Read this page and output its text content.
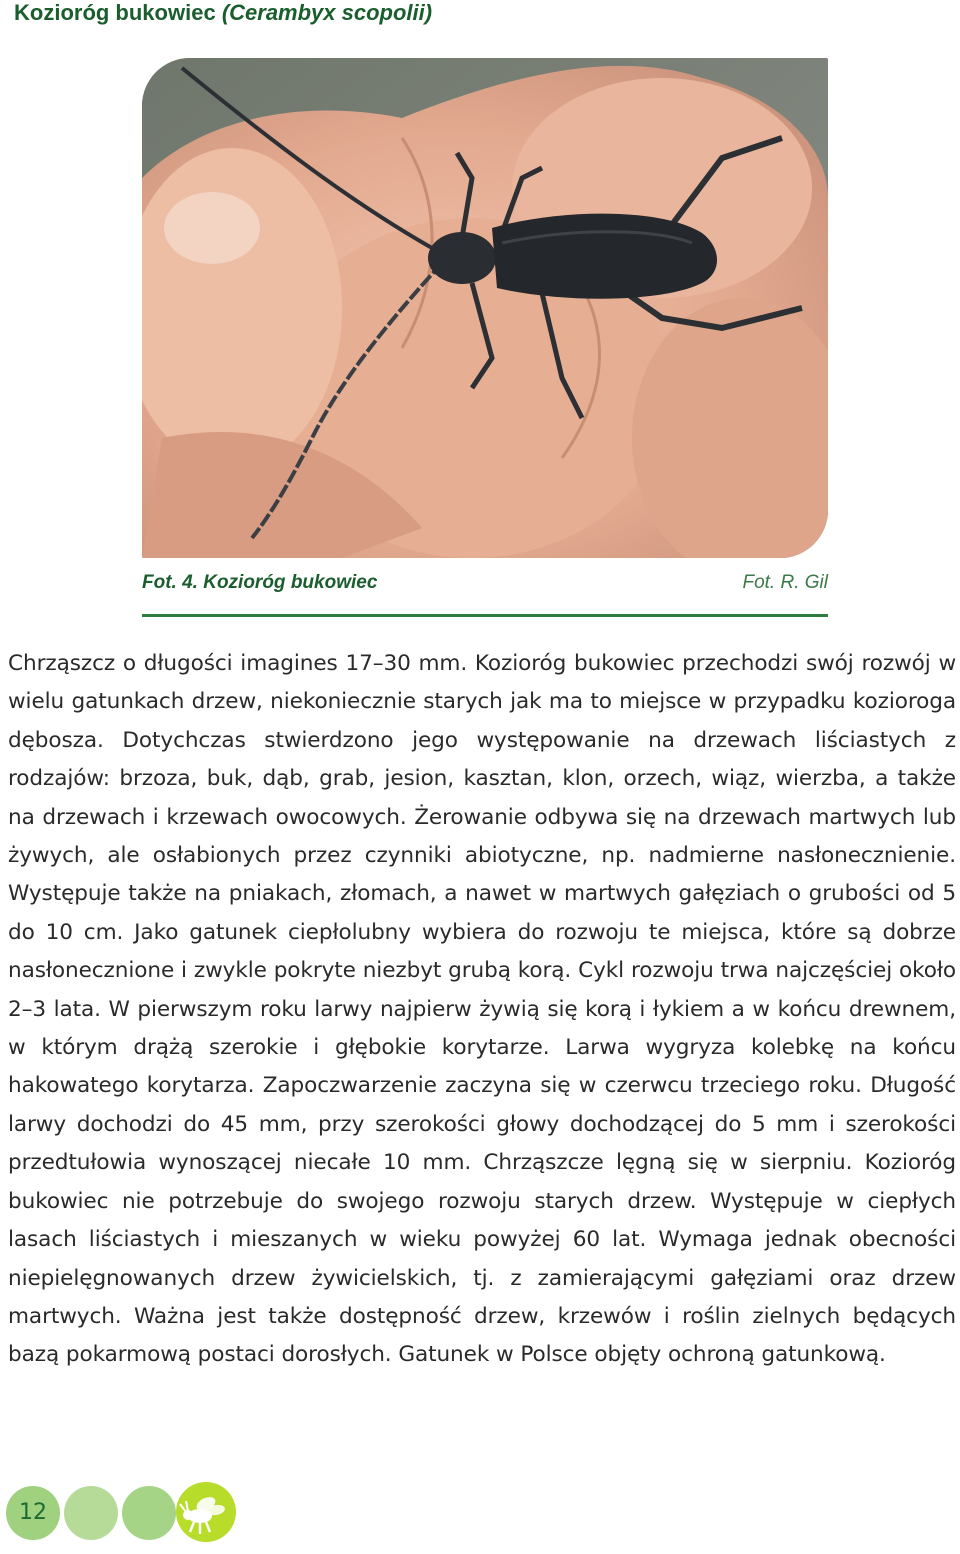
Kozioróg bukowiec (Cerambyx scopolii)
Fot. 4. Kozioróg bukowiec	Fot. R. Gil

Chrząszcz o długości imagines 17–30 mm. Kozioróg bukowiec przechodzi swój rozwój w wielu gatunkach drzew, niekoniecznie starych jak ma to miejsce w przypadku kozioroga dębosza. Dotychczas stwierdzono jego występowanie na drzewach liściastych z rodzajów: brzoza, buk, dąb, grab, jesion, kasztan, klon, orzech, wiąz, wierzba, a także na drzewach i krzewach owocowych. Żerowanie odbywa się na drzewach martwych lub żywych, ale osłabionych przez czynniki abiotyczne, np. nadmierne nasłonecznienie. Występuje także na pniakach, złomach, a nawet w martwych gałęziach o grubości od 5 do 10 cm. Jako gatunek ciepłolubny wybiera do rozwoju te miejsca, które są dobrze nasłonecznione i zwykle pokryte niezbyt grubą korą. Cykl rozwoju trwa najczęściej około 2–3 lata. W pierwszym roku larwy najpierw żywią się korą i łykiem a w końcu drewnem, w którym drążą szerokie i głębokie korytarze. Larwa wygryza kolebkę na końcu hakowatego korytarza. Zapoczwarzenie zaczyna się w czerwcu trzeciego roku. Długość larwy dochodzi do 45 mm, przy szerokości głowy dochodzącej do 5 mm i szerokości przedtułowia wynoszącej niecałe 10 mm. Chrząszcze lęgną się w sierpniu. Kozioróg bukowiec nie potrzebuje do swojego rozwoju starych drzew. Występuje w ciepłych lasach liściastych i mieszanych w wieku powyżej 60 lat. Wymaga jednak obecności niepielęgnowanych drzew żywicielskich, tj. z zamierającymi gałęziami oraz drzew martwych. Ważna jest także dostępność drzew, krzewów i roślin zielnych będących bazą pokarmową postaci dorosłych. Gatunek w Polsce objęty ochroną gatunkową.

12
